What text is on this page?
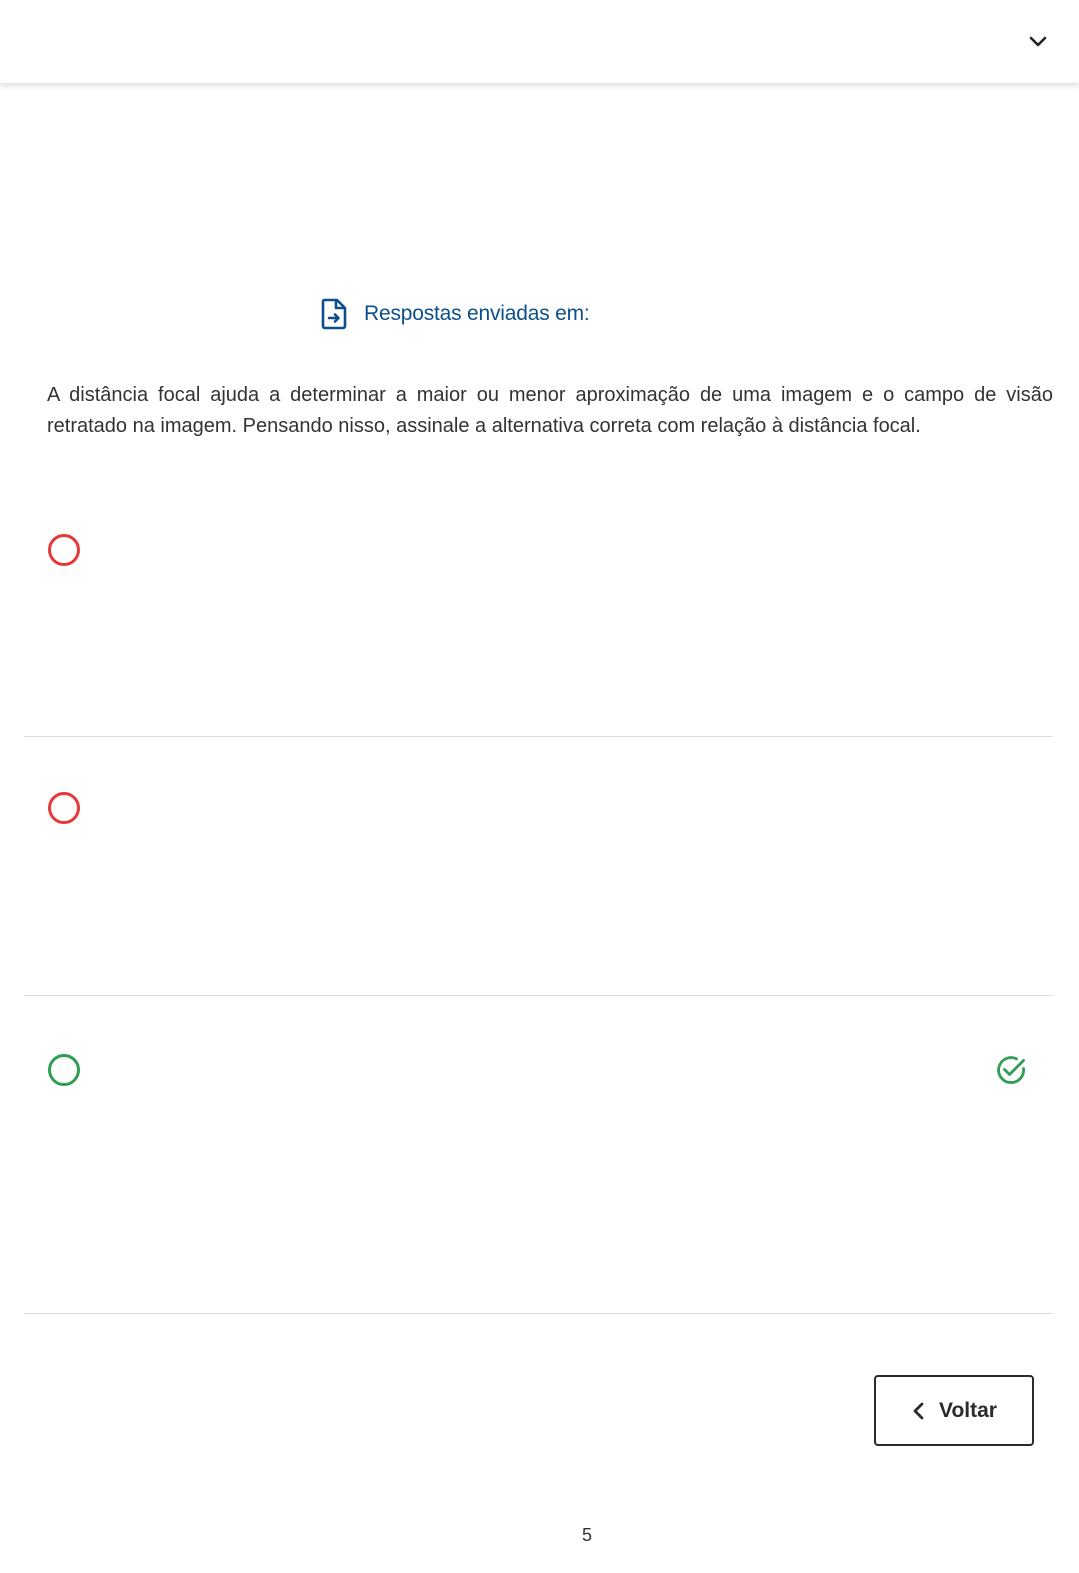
Respostas enviadas em:

A distância focal ajuda a determinar a maior ou menor aproximação de uma imagem e o campo de visão retratado na imagem. Pensando nisso, assinale a alternativa correta com relação à distância focal.

Voltar
5
